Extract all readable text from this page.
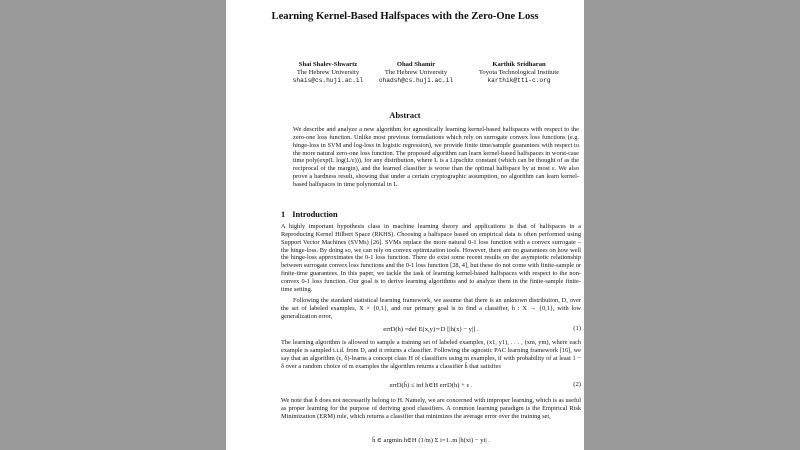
Learning Kernel-Based Halfspaces with the Zero-One Loss
Shai Shalev-Shwartz
The Hebrew University
shais@cs.huji.ac.il
Ohad Shamir
The Hebrew University
ohadsh@cs.huji.ac.il
Karthik Sridharan
Toyota Technological Institute
karthik@tti-c.org
Abstract
We describe and analyze a new algorithm for agnostically learning kernel-based halfspaces with respect to the zero-one loss function. Unlike most previous formulations which rely on surrogate convex loss functions (e.g. hinge-loss in SVM and log-loss in logistic regression), we provide finite time/sample guarantees with respect to the more natural zero-one loss function. The proposed algorithm can learn kernel-based halfspaces in worst-case time poly(exp(L log(L/ε))), for any distribution, where L is a Lipschitz constant (which can be thought of as the reciprocal of the margin), and the learned classifier is worse than the optimal halfspace by at most ε. We also prove a hardness result, showing that under a certain cryptographic assumption, no algorithm can learn kernel-based halfspaces in time polynomial in L.
1 Introduction
A highly important hypothesis class in machine learning theory and applications is that of halfspaces in a Reproducing Kernel Hilbert Space (RKHS). Choosing a halfspace based on empirical data is often performed using Support Vector Machines (SVMs) [26]. SVMs replace the more natural 0-1 loss function with a convex surrogate – the hinge-loss. By doing so, we can rely on convex optimization tools. However, there are no guarantees on how well the hinge-loss approximates the 0-1 loss function. There do exist some recent results on the asymptotic relationship between surrogate convex loss functions and the 0-1 loss function [28, 4], but these do not come with finite-sample or finite-time guarantees. In this paper, we tackle the task of learning kernel-based halfspaces with respect to the non-convex 0-1 loss function. Our goal is to derive learning algorithms and to analyze them in the finite-sample finite-time setting.
Following the standard statistical learning framework, we assume that there is an unknown distribution, D, over the set of labeled examples, X × {0,1}, and our primary goal is to find a classifier, h : X → {0,1}, with low generalization error,
errD(h) =def E(x,y)∼D [|h(x) − y|] .	(1)
The learning algorithm is allowed to sample a training set of labeled examples, (x1, y1), . . . , (xm, ym), where each example is sampled i.i.d. from D, and it returns a classifier. Following the agnostic PAC learning framework [16], we say that an algorithm (ε, δ)-learns a concept class H of classifiers using m examples, if with probability of at least 1 − δ over a random choice of m examples the algorithm returns a classifier ĥ that satisfies
errD(ĥ) ≤ inf h∈H errD(h) + ε .	(2)
We note that ĥ does not necessarily belong to H. Namely, we are concerned with improper learning, which is as useful as proper learning for the purpose of deriving good classifiers. A common learning paradigm is the Empirical Risk Minimization (ERM) rule, which returns a classifier that minimizes the average error over the training set,
ĥ ∈ argmin h∈H (1/m) Σ i=1..m |h(xi) − yi| .
